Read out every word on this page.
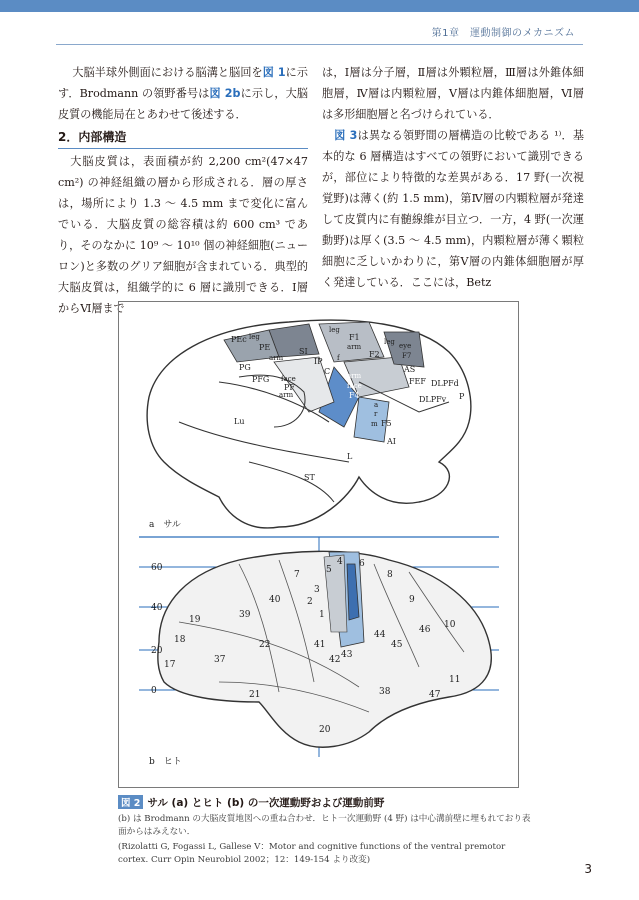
第1章　運動制御のメカニズム

大脳半球外側面における脳溝と脳回を図 1に示す．Brodmann の領野番号は図 2bに示し，大脳皮質の機能局在とあわせて後述する．

2．内部構造

大脳皮質は，表面積が約 2,200 cm²(47×47 cm²) の神経組織の層から形成される．層の厚さは，場所により 1.3 ～ 4.5 mm まで変化に富んでいる．大脳皮質の総容積は約 600 cm³ であり，そのなかに 10⁹ ～ 10¹⁰ 個の神経細胞(ニューロン)と多数のグリア細胞が含まれている．典型的大脳皮質は，組織学的に 6 層に識別できる．Ⅰ層からⅥ層まで

は，Ⅰ層は分子層，Ⅱ層は外顆粒層，Ⅲ層は外錐体細胞層，Ⅳ層は内顆粒層，Ⅴ層は内錐体細胞層，Ⅵ層は多形細胞層と名づけられている．

図 3は異なる領野間の層構造の比較である ¹⁾．基本的な 6 層構造はすべての領野において識別できるが，部位により特徴的な差異がある．17 野(一次視覚野)は薄く(約 1.5 mm)，第Ⅳ層の内顆粒層が発達して皮質内に有髄線維が目立つ．一方，4 野(一次運動野)は厚く(3.5 ～ 4.5 mm)，内顆粒層が薄く顆粒細胞に乏しいかわりに，第Ⅴ層の内錐体細胞層が厚く発達している．ここには，Betz

PEc
PE
leg
arm
SI
leg
F1
arm
f
IP
C
leg eye
F2	F7
PG
PFG face
PF
arm
arm
face
F4
AS
FEF DLPFd
DLPFv P
a
r
m F5
AI
Lu
L
ST
a　サル
5
4 6
8
7
3
2
1
9
10
11
39
40
19
18
17	37
22
21
41
42 43
44
45
46
47
38
20
60
40
20
0
b　ヒト
図 2 サル (a) とヒト (b) の一次運動野および運動前野
(b) は Brodmann の大脳皮質地図への重ね合わせ．ヒト一次運動野 (4 野) は中心溝前壁に埋もれており表面からはみえない．
(Rizolatti G, Fogassi L, Gallese V：Motor and cognitive functions of the ventral premotor cortex. Curr Opin Neurobiol 2002；12：149-154 より改変)
3
